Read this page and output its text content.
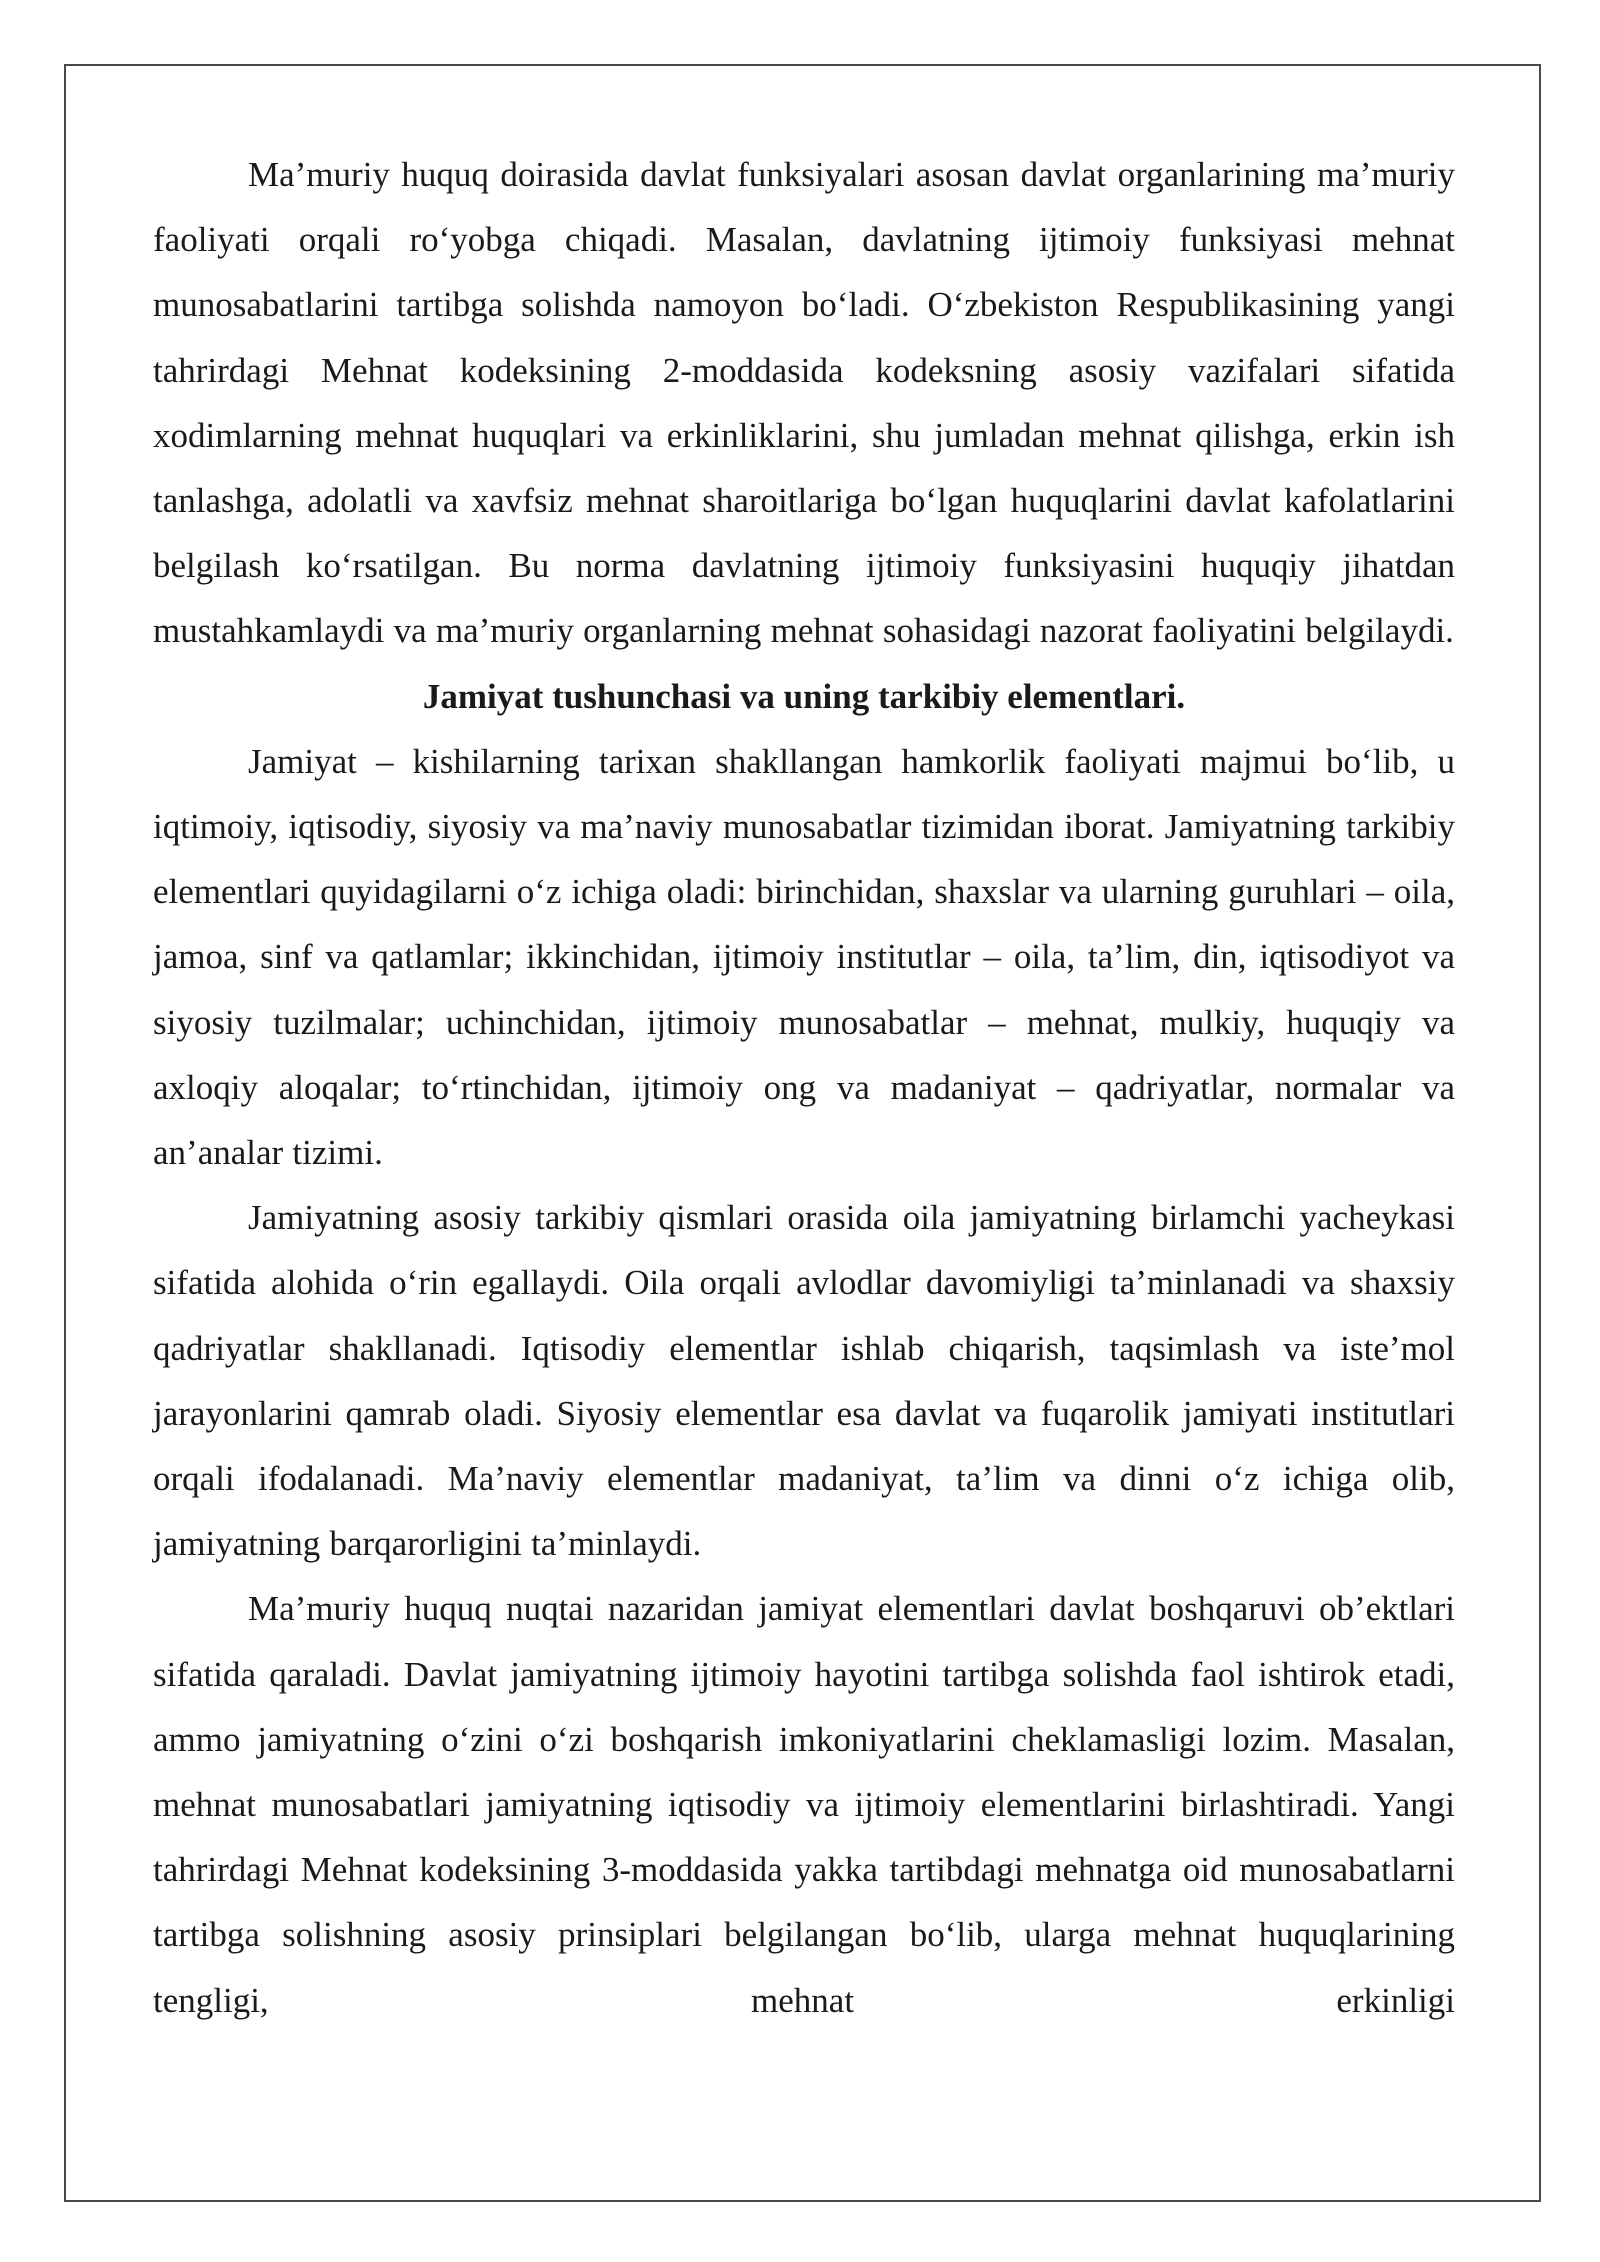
Ma’muriy huquq doirasida davlat funksiyalari asosan davlat organlarining ma’muriy faoliyati orqali ro‘yobga chiqadi. Masalan, davlatning ijtimoiy funksiyasi mehnat munosabatlarini tartibga solishda namoyon bo‘ladi. O‘zbekiston Respublikasining yangi tahrirdagi Mehnat kodeksining 2-moddasida kodeksning asosiy vazifalari sifatida xodimlarning mehnat huquqlari va erkinliklarini, shu jumladan mehnat qilishga, erkin ish tanlashga, adolatli va xavfsiz mehnat sharoitlariga bo‘lgan huquqlarini davlat kafolatlarini belgilash ko‘rsatilgan. Bu norma davlatning ijtimoiy funksiyasini huquqiy jihatdan mustahkamlaydi va ma’muriy organlarning mehnat sohasidagi nazorat faoliyatini belgilaydi.

Jamiyat tushunchasi va uning tarkibiy elementlari.

Jamiyat – kishilarning tarixan shakllangan hamkorlik faoliyati majmui bo‘lib, u iqtimoiy, iqtisodiy, siyosiy va ma’naviy munosabatlar tizimidan iborat. Jamiyatning tarkibiy elementlari quyidagilarni o‘z ichiga oladi: birinchidan, shaxslar va ularning guruhlari – oila, jamoa, sinf va qatlamlar; ikkinchidan, ijtimoiy institutlar – oila, ta’lim, din, iqtisodiyot va siyosiy tuzilmalar; uchinchidan, ijtimoiy munosabatlar – mehnat, mulkiy, huquqiy va axloqiy aloqalar; to‘rtinchidan, ijtimoiy ong va madaniyat – qadriyatlar, normalar va an’analar tizimi.

Jamiyatning asosiy tarkibiy qismlari orasida oila jamiyatning birlamchi yacheykasi sifatida alohida o‘rin egallaydi. Oila orqali avlodlar davomiyligi ta’minlanadi va shaxsiy qadriyatlar shakllanadi. Iqtisodiy elementlar ishlab chiqarish, taqsimlash va iste’mol jarayonlarini qamrab oladi. Siyosiy elementlar esa davlat va fuqarolik jamiyati institutlari orqali ifodalanadi. Ma’naviy elementlar madaniyat, ta’lim va dinni o‘z ichiga olib, jamiyatning barqarorligini ta’minlaydi.

Ma’muriy huquq nuqtai nazaridan jamiyat elementlari davlat boshqaruvi ob’ektlari sifatida qaraladi. Davlat jamiyatning ijtimoiy hayotini tartibga solishda faol ishtirok etadi, ammo jamiyatning o‘zini o‘zi boshqarish imkoniyatlarini cheklamasligi lozim. Masalan, mehnat munosabatlari jamiyatning iqtisodiy va ijtimoiy elementlarini birlashtiradi. Yangi tahrirdagi Mehnat kodeksining 3-moddasida yakka tartibdagi mehnatga oid munosabatlarni tartibga solishning asosiy prinsiplari belgilangan bo‘lib, ularga mehnat huquqlarining tengligi, mehnat erkinligi
